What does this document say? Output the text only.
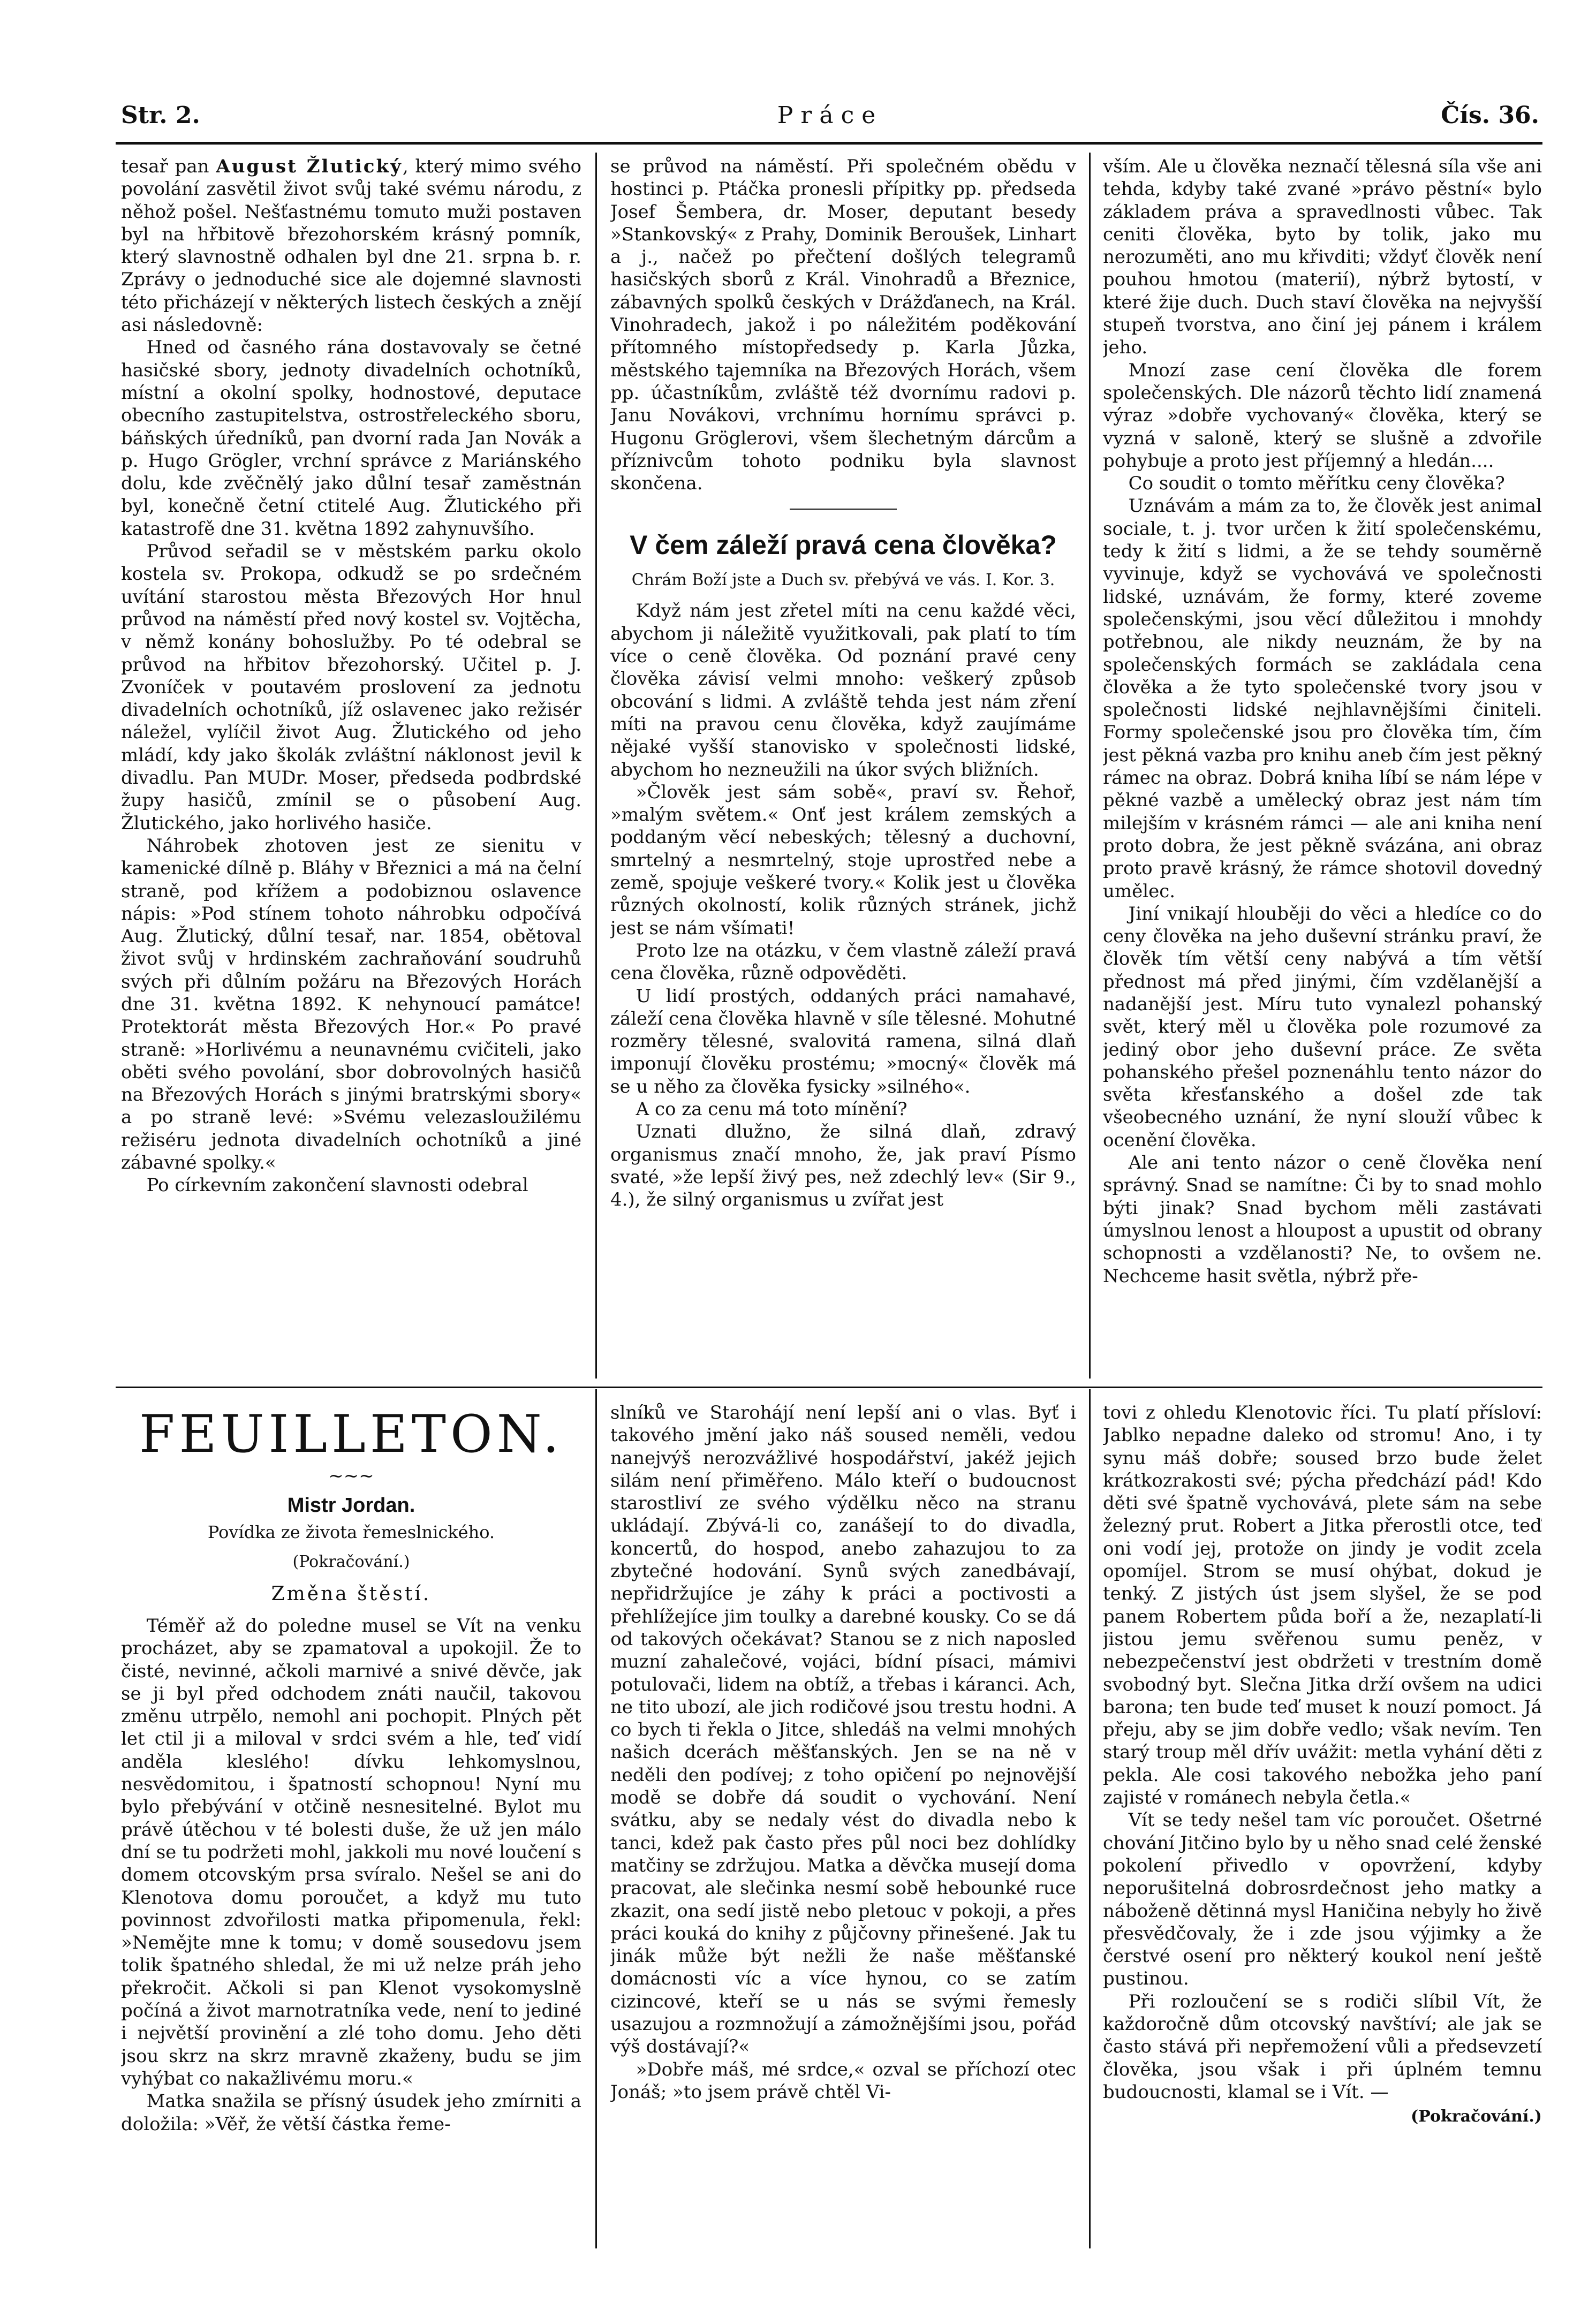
Str. 2.	Práce	Čís. 36.

tesař pan August Žlutický, který mimo svého povolání zasvětil život svůj také svému národu, z něhož pošel. Nešťastnému tomuto muži postaven byl na hřbitově březohorském krásný pomník, který slavnostně odhalen byl dne 21. srpna b. r. Zprávy o jednoduché sice ale dojemné slavnosti této přicházejí v některých listech českých a znějí asi následovně:

Hned od časného rána dostavovaly se četné hasičské sbory, jednoty divadelních ochotníků, místní a okolní spolky, hodnostové, deputace obecního zastupitelstva, ostrostřeleckého sboru, báňských úředníků, pan dvorní rada Jan Novák a p. Hugo Grögler, vrchní správce z Mariánského dolu, kde zvěčnělý jako důlní tesař zaměstnán byl, konečně četní ctitelé Aug. Žlutického při katastrofě dne 31. května 1892 zahynuvšího.

Průvod seřadil se v městském parku okolo kostela sv. Prokopa, odkudž se po srdečném uvítání starostou města Březových Hor hnul průvod na náměstí před nový kostel sv. Vojtěcha, v němž konány bohoslužby. Po té odebral se průvod na hřbitov březohorský. Učitel p. J. Zvoníček v poutavém proslovení za jednotu divadelních ochotníků, jíž oslavenec jako režisér náležel, vylíčil život Aug. Žlutického od jeho mládí, kdy jako školák zvláštní náklonost jevil k divadlu. Pan MUDr. Moser, předseda podbrdské župy hasičů, zmínil se o působení Aug. Žlutického, jako horlivého hasiče.

Náhrobek zhotoven jest ze sienitu v kamenické dílně p. Bláhy v Březnici a má na čelní straně, pod křížem a podobiznou oslavence nápis: »Pod stínem tohoto náhrobku odpočívá Aug. Žlutický, důlní tesař, nar. 1854, obětoval život svůj v hrdinském zachraňování soudruhů svých při důlním požáru na Březových Horách dne 31. května 1892. K nehynoucí památce! Protektorát města Březových Hor.« Po pravé straně: »Horlivému a neunavnému cvičiteli, jako oběti svého povolání, sbor dobrovolných hasičů na Březových Horách s jinými bratrskými sbory« a po straně levé: »Svému velezasloužilému režiséru jednota divadelních ochotníků a jiné zábavné spolky.«

Po církevním zakončení slavnosti odebral

se průvod na náměstí. Při společném obědu v hostinci p. Ptáčka pronesli přípitky pp. předseda Josef Šembera, dr. Moser, deputant besedy »Stankovský« z Prahy, Dominik Beroušek, Linhart a j., načež po přečtení došlých telegramů hasičských sborů z Král. Vinohradů a Březnice, zábavných spolků českých v Drážďanech, na Král. Vinohradech, jakož i po náležitém poděkování přítomného místopředsedy p. Karla Jůzka, městského tajemníka na Březových Horách, všem pp. účastníkům, zvláště též dvornímu radovi p. Janu Novákovi, vrchnímu hornímu správci p. Hugonu Gröglerovi, všem šlechetným dárcům a příznivcům tohoto podniku byla slavnost skončena.

V čem záleží pravá cena člověka?
Chrám Boží jste a Duch sv. přebývá ve vás. I. Kor. 3.

Když nám jest zřetel míti na cenu každé věci, abychom ji náležitě využitkovali, pak platí to tím více o ceně člověka. Od poznání pravé ceny člověka závisí velmi mnoho: veškerý způsob obcování s lidmi. A zvláště tehda jest nám zření míti na pravou cenu člověka, když zaujímáme nějaké vyšší stanovisko v společnosti lidské, abychom ho nezneužili na úkor svých bližních.

»Člověk jest sám sobě«, praví sv. Řehoř, »malým světem.« Onť jest králem zemských a poddaným věcí nebeských; tělesný a duchovní, smrtelný a nesmrtelný, stoje uprostřed nebe a země, spojuje veškeré tvory.« Kolik jest u člověka různých okolností, kolik různých stránek, jichž jest se nám všímati!

Proto lze na otázku, v čem vlastně záleží pravá cena člověka, různě odpověděti.

U lidí prostých, oddaných práci namahavé, záleží cena člověka hlavně v síle tělesné. Mohutné rozměry tělesné, svalovitá ramena, silná dlaň imponují člověku prostému; »mocný« člověk má se u něho za člověka fysicky »silného«.

A co za cenu má toto mínění?

Uznati dlužno, že silná dlaň, zdravý organismus značí mnoho, že, jak praví Písmo svaté, »že lepší živý pes, než zdechlý lev« (Sir 9., 4.), že silný organismus u zvířat jest

vším. Ale u člověka neznačí tělesná síla vše ani tehda, kdyby také zvané »právo pěstní« bylo základem práva a spravedlnosti vůbec. Tak ceniti člověka, byto by tolik, jako mu nerozuměti, ano mu křivditi; vždyť člověk není pouhou hmotou (materií), nýbrž bytostí, v které žije duch. Duch staví člověka na nejvyšší stupeň tvorstva, ano činí jej pánem i králem jeho.

Mnozí zase cení člověka dle forem společenských. Dle názorů těchto lidí znamená výraz »dobře vychovaný« člověka, který se vyzná v saloně, který se slušně a zdvořile pohybuje a proto jest příjemný a hledán....

Co soudit o tomto měřítku ceny člověka?

Uznávám a mám za to, že člověk jest animal sociale, t. j. tvor určen k žití společenskému, tedy k žití s lidmi, a že se tehdy souměrně vyvinuje, když se vychovává ve společnosti lidské, uznávám, že formy, které zoveme společenskými, jsou věcí důležitou i mnohdy potřebnou, ale nikdy neuznám, že by na společenských formách se zakládala cena člověka a že tyto společenské tvory jsou v společnosti lidské nejhlavnějšími činiteli. Formy společenské jsou pro člověka tím, čím jest pěkná vazba pro knihu aneb čím jest pěkný rámec na obraz. Dobrá kniha líbí se nám lépe v pěkné vazbě a umělecký obraz jest nám tím milejším v krásném rámci — ale ani kniha není proto dobra, že jest pěkně svázána, ani obraz proto pravě krásný, že rámce shotovil dovedný umělec.

Jiní vnikají hlouběji do věci a hledíce co do ceny člověka na jeho duševní stránku praví, že člověk tím větší ceny nabývá a tím větší přednost má před jinými, čím vzdělanější a nadanější jest. Míru tuto vynalezl pohanský svět, který měl u člověka pole rozumové za jediný obor jeho duševní práce. Ze světa pohanského přešel poznenáhlu tento názor do světa křesťanského a došel zde tak všeobecného uznání, že nyní slouží vůbec k ocenění člověka.

Ale ani tento názor o ceně člověka není správný. Snad se namítne: Či by to snad mohlo býti jinak? Snad bychom měli zastávati úmyslnou lenost a hloupost a upustit od obrany schopnosti a vzdělanosti? Ne, to ovšem ne. Nechceme hasit světla, nýbrž pře-

FEUILLETON.
~~~
Mistr Jordan.
Povídka ze života řemeslnického.
(Pokračování.)
Změna štěstí.

Téměř až do poledne musel se Vít na venku procházet, aby se zpamatoval a upokojil. Že to čisté, nevinné, ačkoli marnivé a snivé děvče, jak se ji byl před odchodem znáti naučil, takovou změnu utrpělo, nemohl ani pochopit. Plných pět let ctil ji a miloval v srdci svém a hle, teď vidí anděla klesléhо! dívku lehkomyslnou, nesvědomitou, i špatností schopnou! Nyní mu bylo přebývání v otčině nesnesitelné. Bylot mu právě útěchou v té bolesti duše, že už jen málo dní se tu podržeti mohl, jakkoli mu nové loučení s domem otcovským prsa svíralo. Nešel se ani do Klenotova domu poroučet, a když mu tuto povinnost zdvořilosti matka připomenula, řekl: »Nemějte mne k tomu; v domě sousedovu jsem tolik špatného shledal, že mi už nelze práh jeho překročit. Ačkoli si pan Klenot vysokomyslně počíná a život marnotratníka vede, není to jediné i největší provinění a zlé toho domu. Jeho děti jsou skrz na skrz mravně zkaženy, budu se jim vyhýbat co nakažlivému moru.«

Matka snažila se přísný úsudek jeho zmírniti a doložila: »Věř, že větší částka řeme-

slníků ve Starohájí není lepší ani o vlas. Byť i takového jmění jako náš soused neměli, vedou nanejvýš nerozvážlivé hospodářství, jakéž jejich silám není přiměřeno. Málo kteří o budoucnost starostliví ze svého výdělku něco na stranu ukládají. Zbývá-li co, zanášejí to do divadla, koncertů, do hospod, anebo zahazujou to za zbytečné hodování. Synů svých zanedbávají, nepřidržujíce je záhy k práci a poctivosti a přehlížejíce jim toulky a darebné kousky. Co se dá od takových očekávat? Stanou se z nich naposled muzní zahalečové, vojáci, bídní písaci, mámivi potulovači, lidem na obtíž, a třebas i káranci. Ach, ne tito ubozí, ale jich rodičové jsou trestu hodni. A co bych ti řekla o Jitce, shledáš na velmi mnohých našich dcerách měšťanských. Jen se na ně v neděli den podívej; z toho opičení po nejnovější modě se dobře dá soudit o vychování. Není svátku, aby se nedaly vést do divadla nebo k tanci, kdež pak často přes půl noci bez dohlídky matčiny se zdržujou. Matka a děvčka musejí doma pracovat, ale slečinka nesmí sobě hebounké ruce zkazit, ona sedí jistě nebo pletouc v pokoji, a přes práci kouká do knihy z půjčovny přinešené. Jak tu jinák může být nežli že naše měšťanské domácnosti víc a více hynou, co se zatím cizincové, kteří se u nás se svými řemesly usazujou a rozmnožují a zámožnějšími jsou, pořád výš dostávají?«

»Dobře máš, mé srdce,« ozval se příchozí otec Jonáš; »to jsem právě chtěl Vi-

tovi z ohledu Klenotovic říci. Tu platí přísloví: Jablko nepadne daleko od stromu! Ano, i ty synu máš dobře; soused brzo bude želet krátkozrakosti své; pýcha předchází pád! Kdo děti své špatně vychovává, plete sám na sebe železný prut. Robert a Jitka přerostli otce, teď oni vodí jej, protože on jindy je vodit zcela opomíjel. Strom se musí ohýbat, dokud je tenký. Z jistých úst jsem slyšel, že se pod panem Robertem půda boří a že, nezaplatí-li jistou jemu svěřenou sumu peněz, v nebezpečenství jest obdržeti v trestním domě svobodný byt. Slečna Jitka drží ovšem na udici barona; ten bude teď muset k nouzí pomoct. Já přeju, aby se jim dobře vedlo; však nevím. Ten starý troup měl dřív uvážit: metla vyhání děti z pekla. Ale cosi takového nebožka jeho paní zajisté v románech nebyla četla.«

Vít se tedy nešel tam víc poroučet. Ošetrné chování Jitčino bylo by u něho snad celé ženské pokolení přivedlo v opovržení, kdyby neporušitelná dobrosrdečnost jeho matky a náboženě dětinná mysl Haničina nebyly ho živě přesvědčovaly, že i zde jsou výjimky a že čerstvé osení pro některý koukol není ještě pustinou.

Při rozloučení se s rodiči slíbil Vít, že každoročně dům otcovský navštíví; ale jak se často stává při nepřemožení vůli a předsevzetí člověka, jsou však i při úplném temnu budoucnosti, klamal se i Vít. —

(Pokračování.)
